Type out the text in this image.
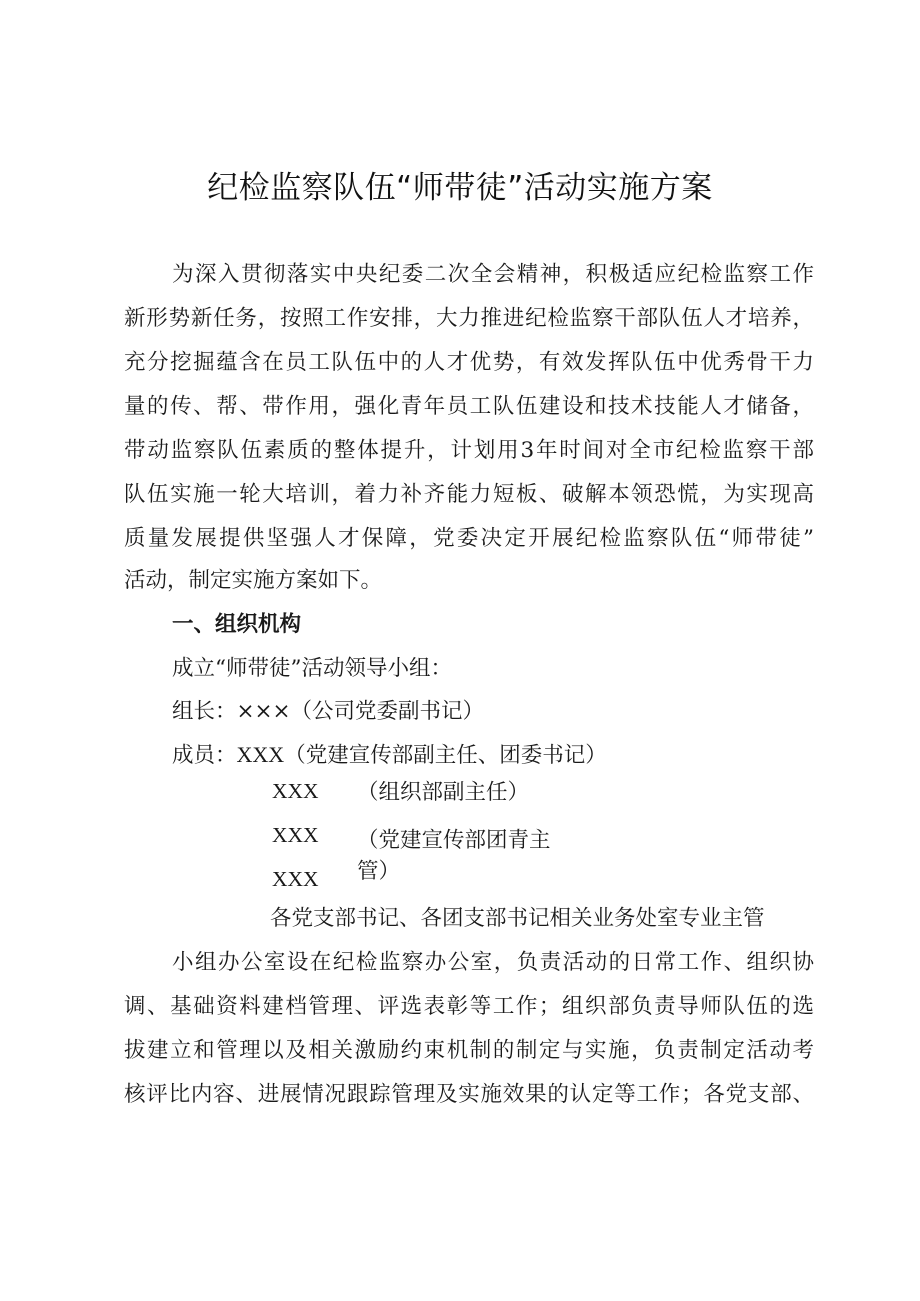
纪检监察队伍“师带徒”活动实施方案

为深入贯彻落实中央纪委二次全会精神，积极适应纪检监察工作

新形势新任务，按照工作安排，大力推进纪检监察干部队伍人才培养，

充分挖掘蕴含在员工队伍中的人才优势，有效发挥队伍中优秀骨干力

量的传、帮、带作用，强化青年员工队伍建设和技术技能人才储备，

带动监察队伍素质的整体提升，计划用3年时间对全市纪检监察干部

队伍实施一轮大培训，着力补齐能力短板、破解本领恐慌，为实现高

质量发展提供坚强人才保障，党委决定开展纪检监察队伍“师带徒”

活动，制定实施方案如下。

一、组织机构

成立“师带徒”活动领导小组：

组长：×××（公司党委副书记）

成员：XXX（党建宣传部副主任、团委书记）
XXX （组织部副主任）
XXX （党建宣传部团青主
管）
XXX
各党支部书记、各团支部书记相关业务处室专业主管

小组办公室设在纪检监察办公室，负责活动的日常工作、组织协

调、基础资料建档管理、评选表彰等工作；组织部负责导师队伍的选

拔建立和管理以及相关激励约束机制的制定与实施，负责制定活动考

核评比内容、进展情况跟踪管理及实施效果的认定等工作；各党支部、
